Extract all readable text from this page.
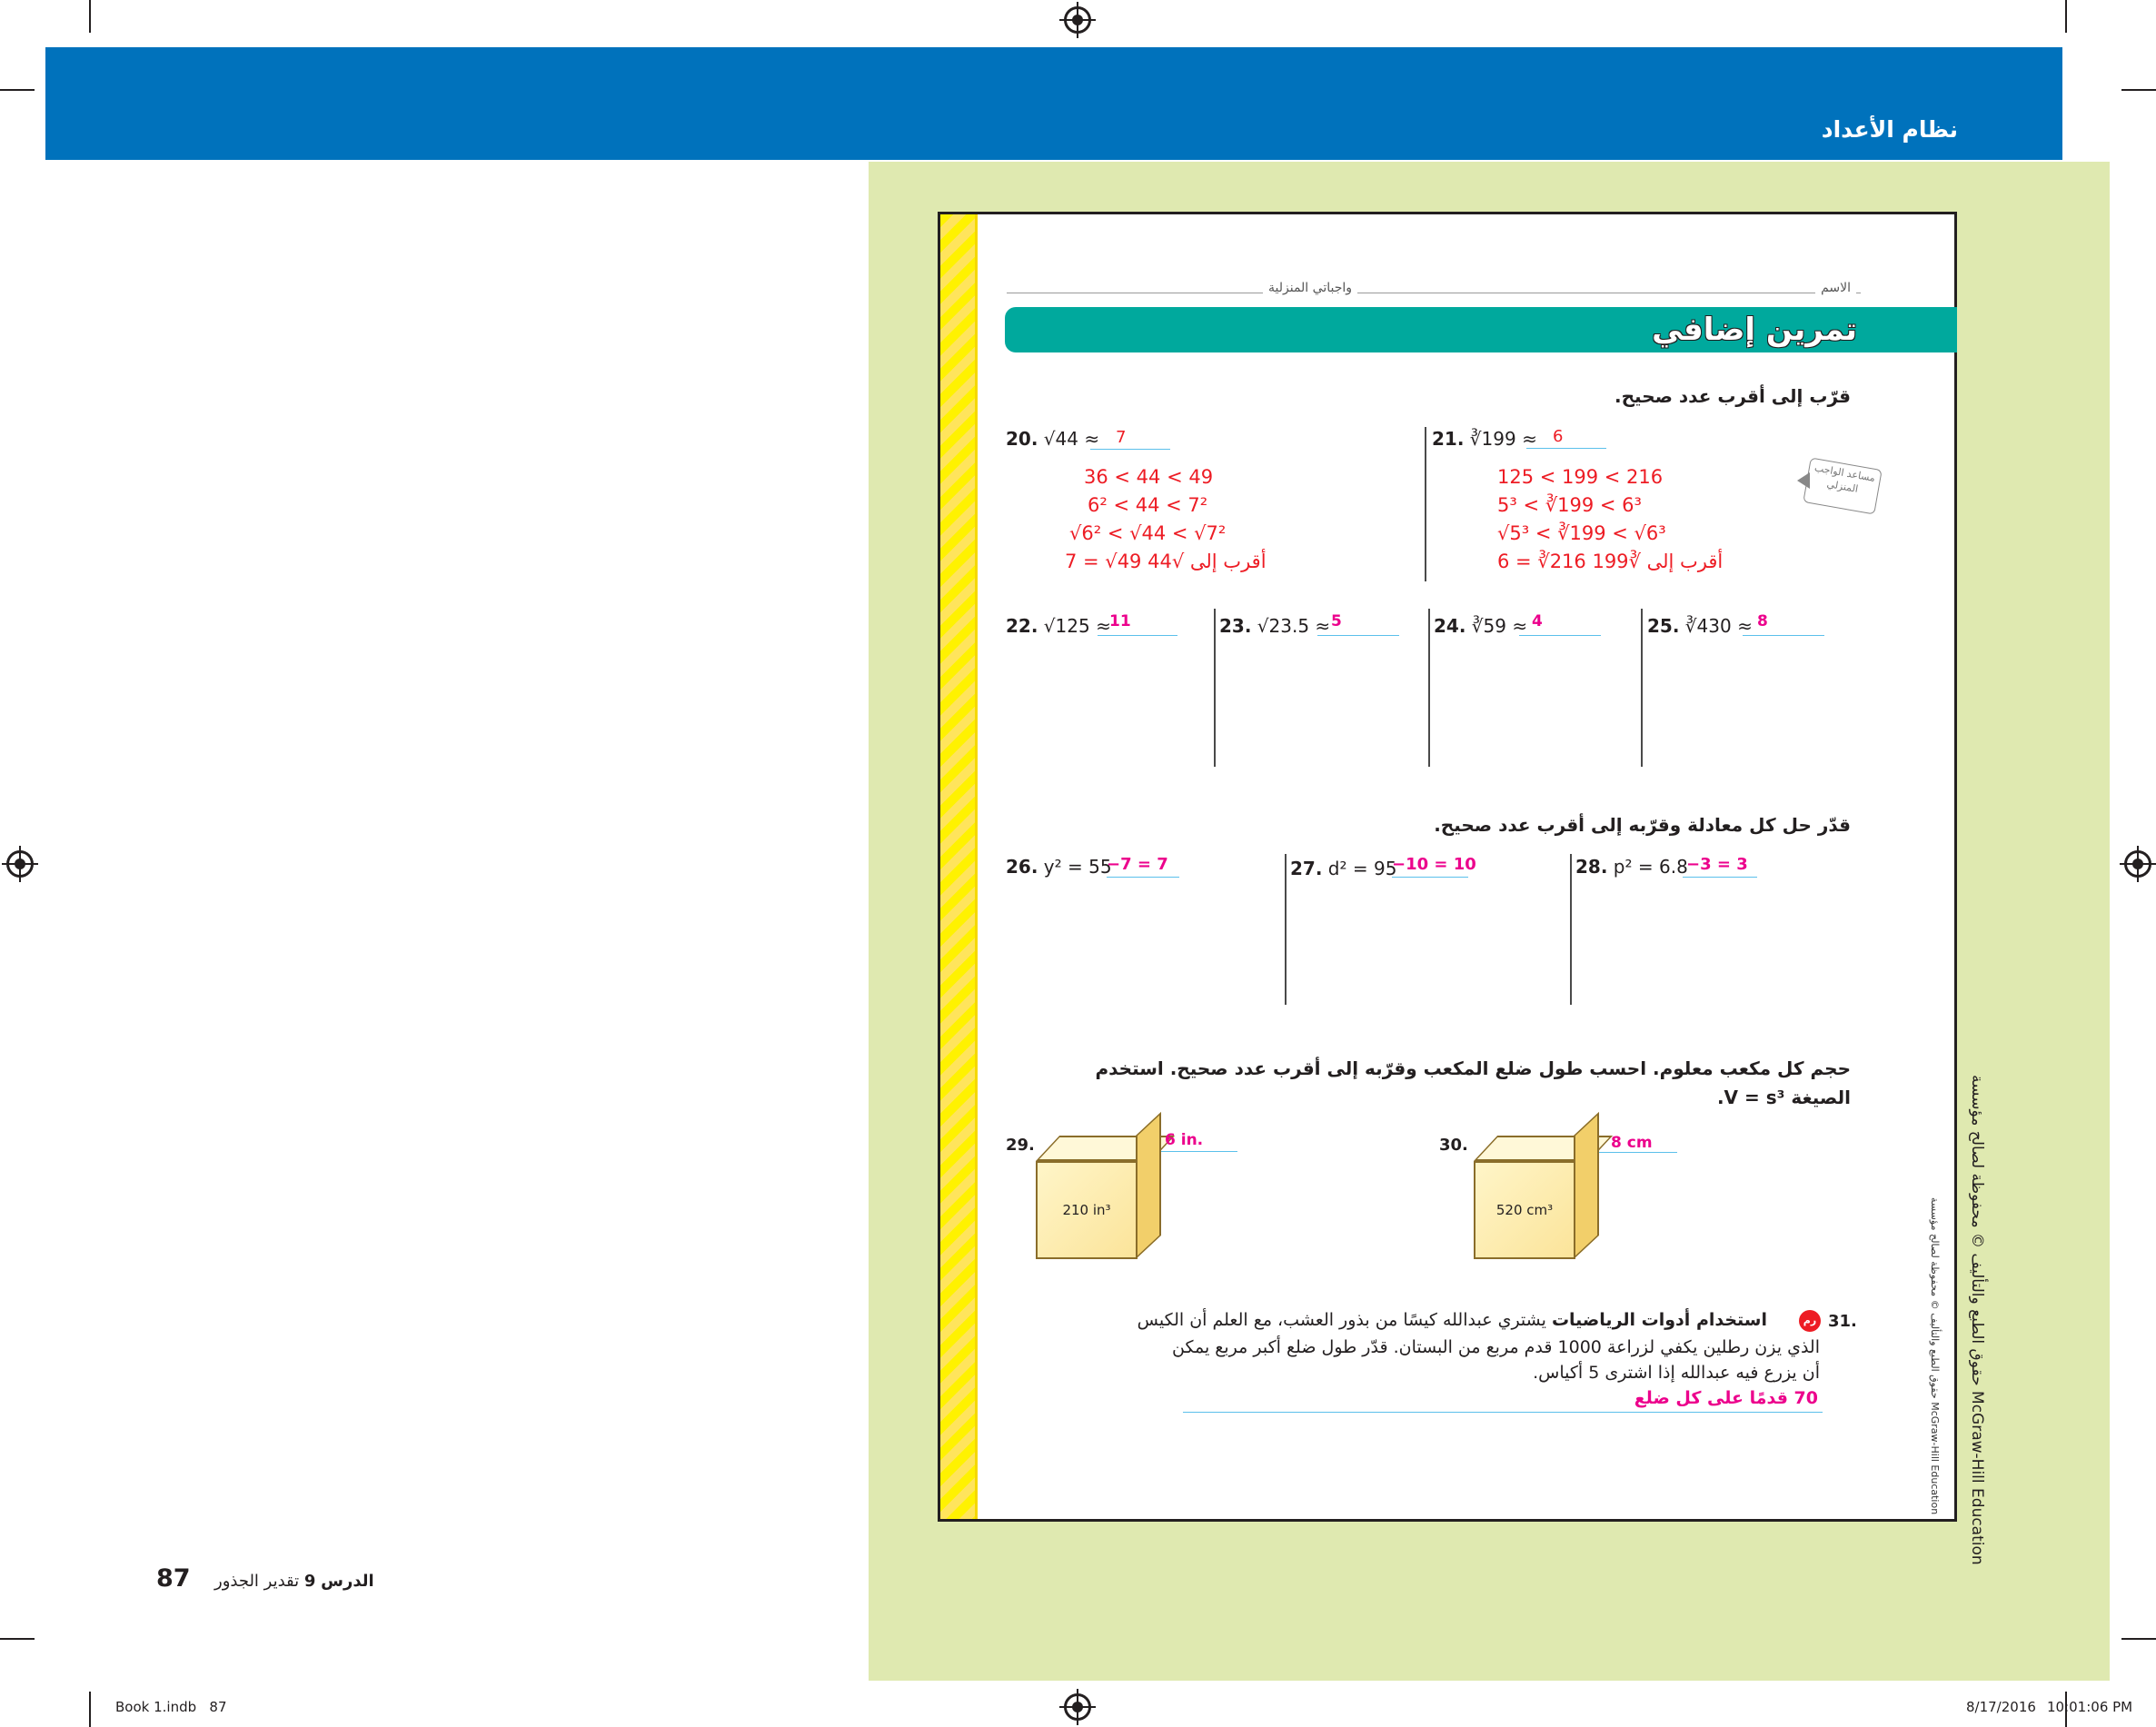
نظام الأعداد
حقوق الطبع والتأليف © محفوظة لصالح مؤسسة McGraw-Hill Education
الاسم
واجباتي المنزلية
تمرين إضافي
قرّب إلى أقرب عدد صحيح.
مساعد الواجب المنزلي
20. √44 ≈ 7
36 < 44 < 49
6² < 44 < 7²
√6² < √44 < √7²
7 = √49 أقرب إلى √44
21. ∛199 ≈ 6
125 < 199 < 216
5³ < ∛199 < 6³
√5³ < ∛199 < √6³
6 = ∛216 أقرب إلى ∛199
22. √125 ≈
11	23. √23.5 ≈ 5	24. ∛59 ≈ 4	25. ∛430 ≈ 8
قدّر حل كل معادلة وقرّبه إلى أقرب عدد صحيح.
26. y² = 55
−7 = 7	27. d² = 95
−10 = 10	28. p² = 6.8
−3 = 3
حجم كل مكعب معلوم. احسب طول ضلع المكعب وقرّبه إلى أقرب عدد صحيح. استخدم
الصيغة V = s³.
29.
210 in³
6 in.	30.
520 cm³
8 cm
31.
رم
استخدام أدوات الرياضيات يشتري عبدالله كيسًا من بذور العشب، مع العلم أن الكيس
الذي يزن رطلين يكفي لزراعة 1000 قدم مربع من البستان. قدّر طول ضلع أكبر مربع يمكن
أن يزرع فيه عبدالله إذا اشترى 5 أكياس.
70 قدمًا على كل ضلع	حقوق الطبع والتأليف © محفوظة لصالح مؤسسة McGraw-Hill Education
87	الدرس 9 تقدير الجذور
Book 1.indb   87	8/17/2016 10:01:06 PM
